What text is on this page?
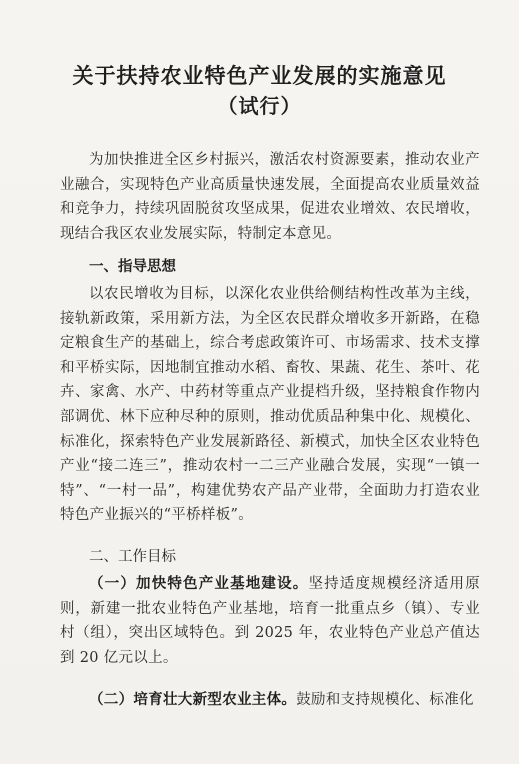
关于扶持农业特色产业发展的实施意见
（试行）
为加快推进全区乡村振兴，激活农村资源要素，推动农业产业融合，实现特色产业高质量快速发展，全面提高农业质量效益和竞争力，持续巩固脱贫攻坚成果，促进农业增效、农民增收，现结合我区农业发展实际，特制定本意见。
一、指导思想
以农民增收为目标，以深化农业供给侧结构性改革为主线，接轨新政策，采用新方法，为全区农民群众增收多开新路，在稳定粮食生产的基础上，综合考虑政策许可、市场需求、技术支撑和平桥实际，因地制宜推动水稻、畜牧、果蔬、花生、茶叶、花卉、家禽、水产、中药材等重点产业提档升级，坚持粮食作物内部调优、林下应种尽种的原则，推动优质品种集中化、规模化、标准化，探索特色产业发展新路径、新模式，加快全区农业特色产业“接二连三”，推动农村一二三产业融合发展，实现“一镇一特”、“一村一品”，构建优势农产品产业带，全面助力打造农业特色产业振兴的“平桥样板”。
二、工作目标
（一）加快特色产业基地建设。坚持适度规模经济适用原则，新建一批农业特色产业基地，培育一批重点乡（镇）、专业村（组），突出区域特色。到 2025 年，农业特色产业总产值达到 20 亿元以上。
（二）培育壮大新型农业主体。鼓励和支持规模化、标准化
